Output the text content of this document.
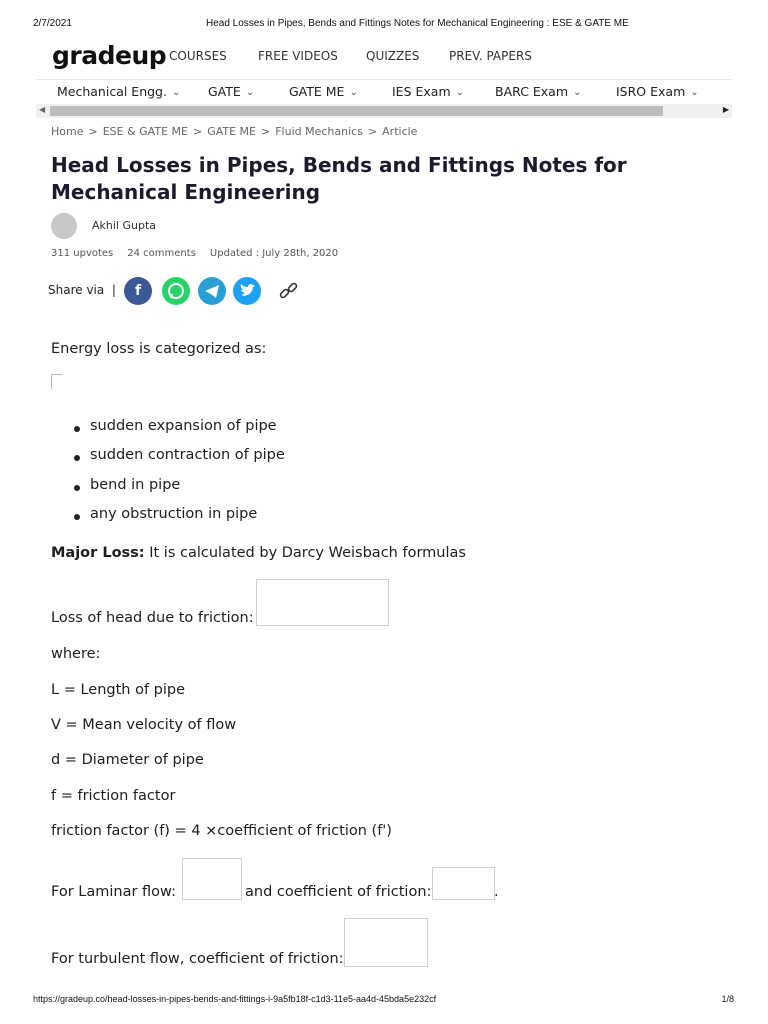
2/7/2021	Head Losses in Pipes, Bends and Fittings Notes for Mechanical Engineering : ESE & GATE ME
gradeup COURSES	FREE VIDEOS QUIZZES PREV. PAPERS
Mechanical Engg. ⌄ GATE ⌄	GATE ME ⌄	IES Exam ⌄ BARC Exam ⌄	ISRO Exam ⌄
◀	▶
Home > ESE & GATE ME > GATE ME > Fluid Mechanics > Article
Head Losses in Pipes, Bends and Fittings Notes for Mechanical Engineering
Akhil Gupta
311 upvotes 24 comments Updated : July 28th, 2020
Share via |	f
Energy loss is categorized as:
sudden expansion of pipe
sudden contraction of pipe
bend in pipe
any obstruction in pipe
Major Loss: It is calculated by Darcy Weisbach formulas
Loss of head due to friction:
where:
L = Length of pipe
V = Mean velocity of flow
d = Diameter of pipe
f = friction factor
friction factor (f) = 4 ×coefficient of friction (f')
For Laminar flow:	and coefficient of friction:	.
For turbulent flow, coefficient of friction:
https://gradeup.co/head-losses-in-pipes-bends-and-fittings-i-9a5fb18f-c1d3-11e5-aa4d-45bda5e232cf	1/8
